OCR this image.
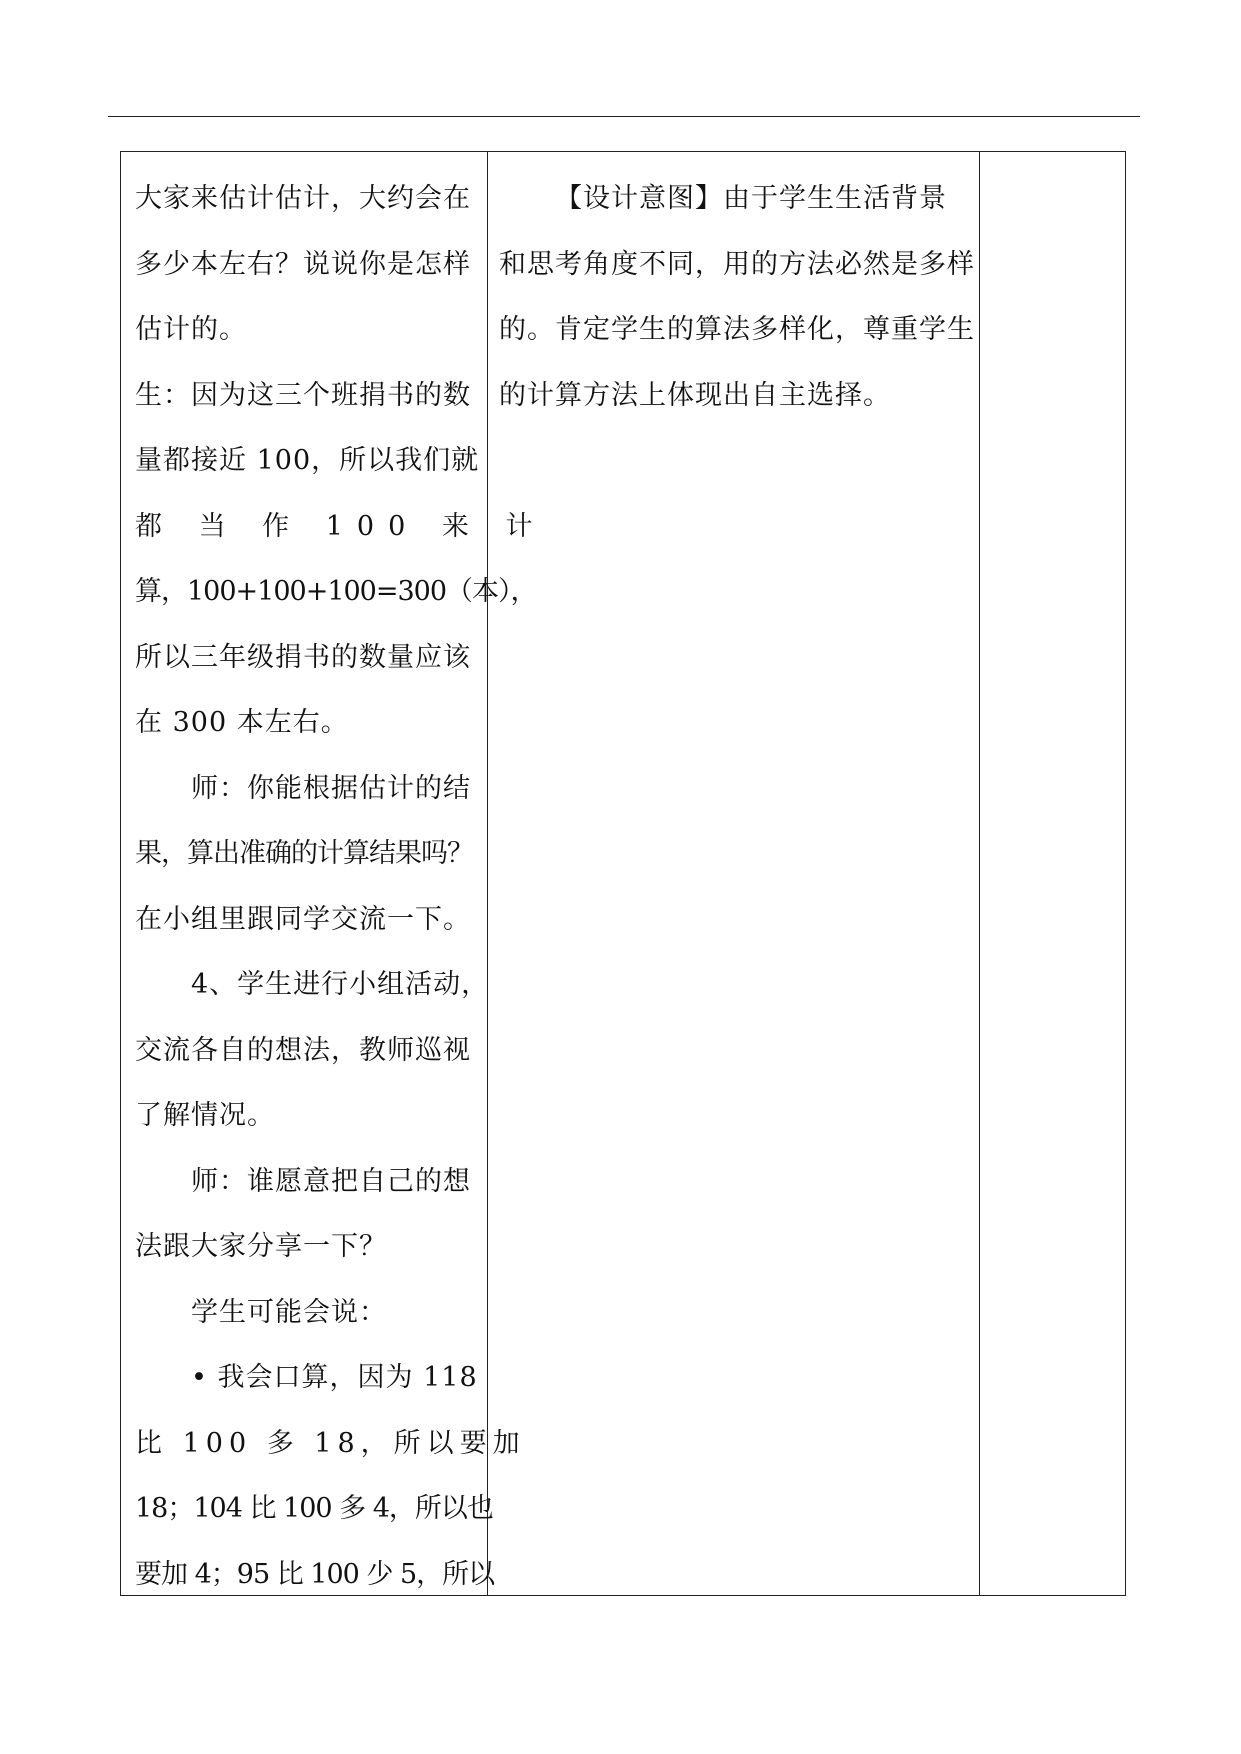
大家来估计估计，大约会在
多少本左右？说说你是怎样
估计的。
生：因为这三个班捐书的数
量都接近 100，所以我们就
都 当 作 100 来 计
算，100+100+100=300（本），
所以三年级捐书的数量应该
在 300 本左右。
师：你能根据估计的结
果，算出准确的计算结果吗？
在小组里跟同学交流一下。
4、学生进行小组活动，
交流各自的想法，教师巡视
了解情况。
师：谁愿意把自己的想
法跟大家分享一下？
学生可能会说：
• 我会口算，因为 118
比 100 多 18，所以要加
18；104 比 100 多 4，所以也
要加 4；95 比 100 少 5，所以
【设计意图】由于学生生活背景
和思考角度不同，用的方法必然是多样
的。肯定学生的算法多样化，尊重学生
的计算方法上体现出自主选择。
